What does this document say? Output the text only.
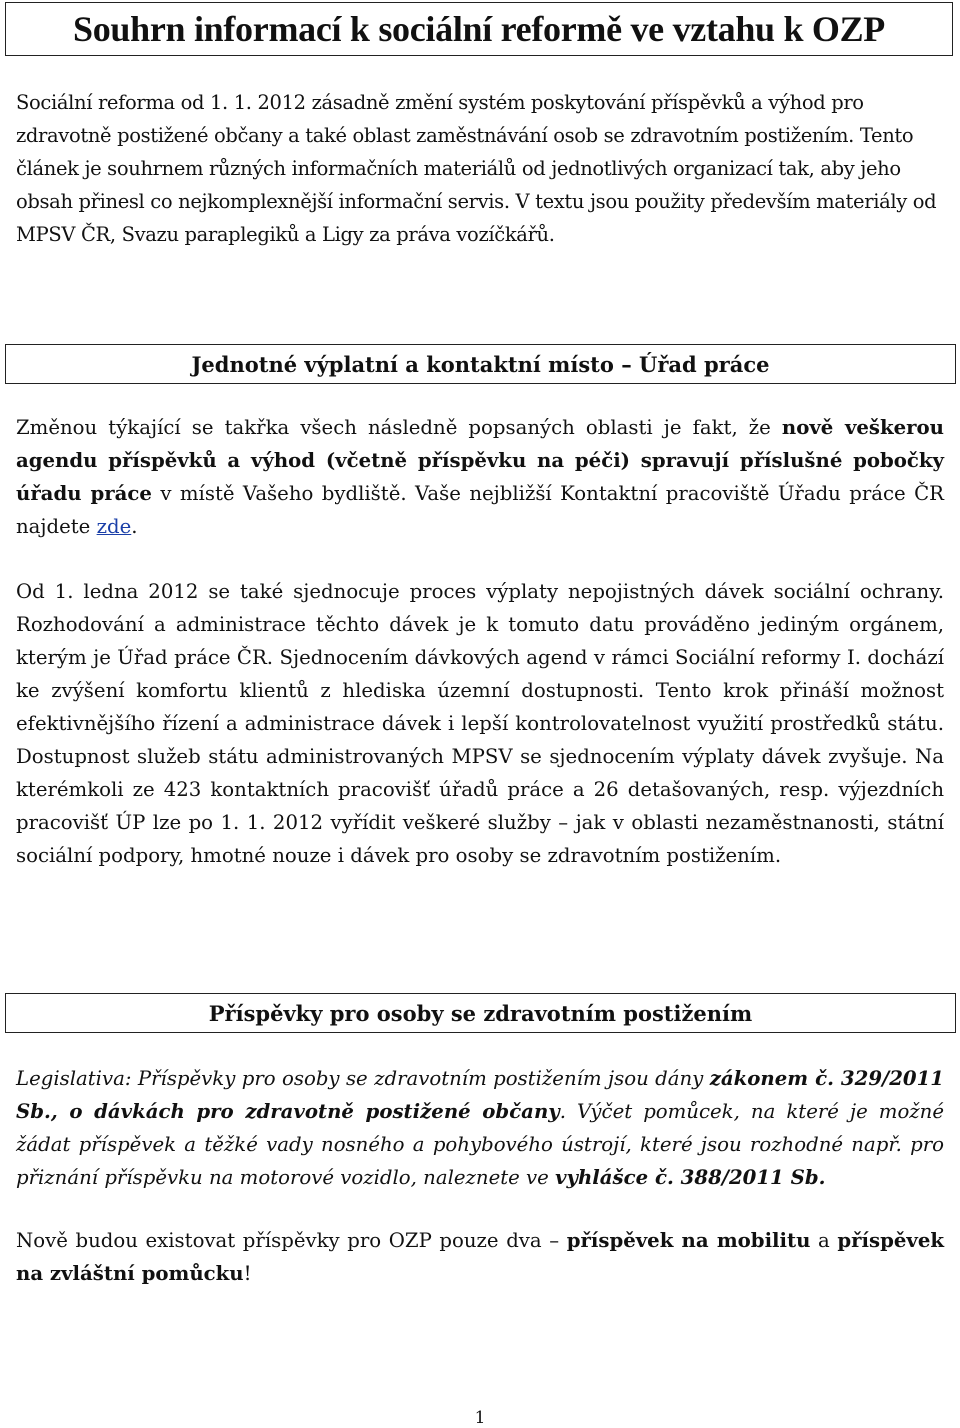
Souhrn informací k sociální reformě ve vztahu k OZP

Sociální reforma od 1. 1. 2012 zásadně změní systém poskytování příspěvků a výhod pro zdravotně postižené občany a také oblast zaměstnávání osob se zdravotním postižením. Tento článek je souhrnem různých informačních materiálů od jednotlivých organizací tak, aby jeho obsah přinesl co nejkomplexnější informační servis. V textu jsou použity především materiály od MPSV ČR, Svazu paraplegiků a Ligy za práva vozíčkářů.

Jednotné výplatní a kontaktní místo – Úřad práce

Změnou týkající se takřka všech následně popsaných oblasti je fakt, že nově veškerou agendu příspěvků a výhod (včetně příspěvku na péči) spravují příslušné pobočky úřadu práce v místě Vašeho bydliště. Vaše nejbližší Kontaktní pracoviště Úřadu práce ČR najdete zde.

Od 1. ledna 2012 se také sjednocuje proces výplaty nepojistných dávek sociální ochrany. Rozhodování a administrace těchto dávek je k tomuto datu prováděno jediným orgánem, kterým je Úřad práce ČR. Sjednocením dávkových agend v rámci Sociální reformy I. dochází ke zvýšení komfortu klientů z hlediska územní dostupnosti. Tento krok přináší možnost efektivnějšího řízení a administrace dávek i lepší kontrolovatelnost využití prostředků státu. Dostupnost služeb státu administrovaných MPSV se sjednocením výplaty dávek zvyšuje. Na kterémkoli ze 423 kontaktních pracovišť úřadů práce a 26 detašovaných, resp. výjezdních pracovišť ÚP lze po 1. 1. 2012 vyřídit veškeré služby – jak v oblasti nezaměstnanosti, státní sociální podpory, hmotné nouze i dávek pro osoby se zdravotním postižením.

Příspěvky pro osoby se zdravotním postižením

Legislativa: Příspěvky pro osoby se zdravotním postižením jsou dány zákonem č. 329/2011 Sb., o dávkách pro zdravotně postižené občany. Výčet pomůcek, na které je možné žádat příspěvek a těžké vady nosného a pohybového ústrojí, které jsou rozhodné např. pro přiznání příspěvku na motorové vozidlo, naleznete ve vyhlášce č. 388/2011 Sb.

Nově budou existovat příspěvky pro OZP pouze dva – příspěvek na mobilitu a příspěvek na zvláštní pomůcku!

1
